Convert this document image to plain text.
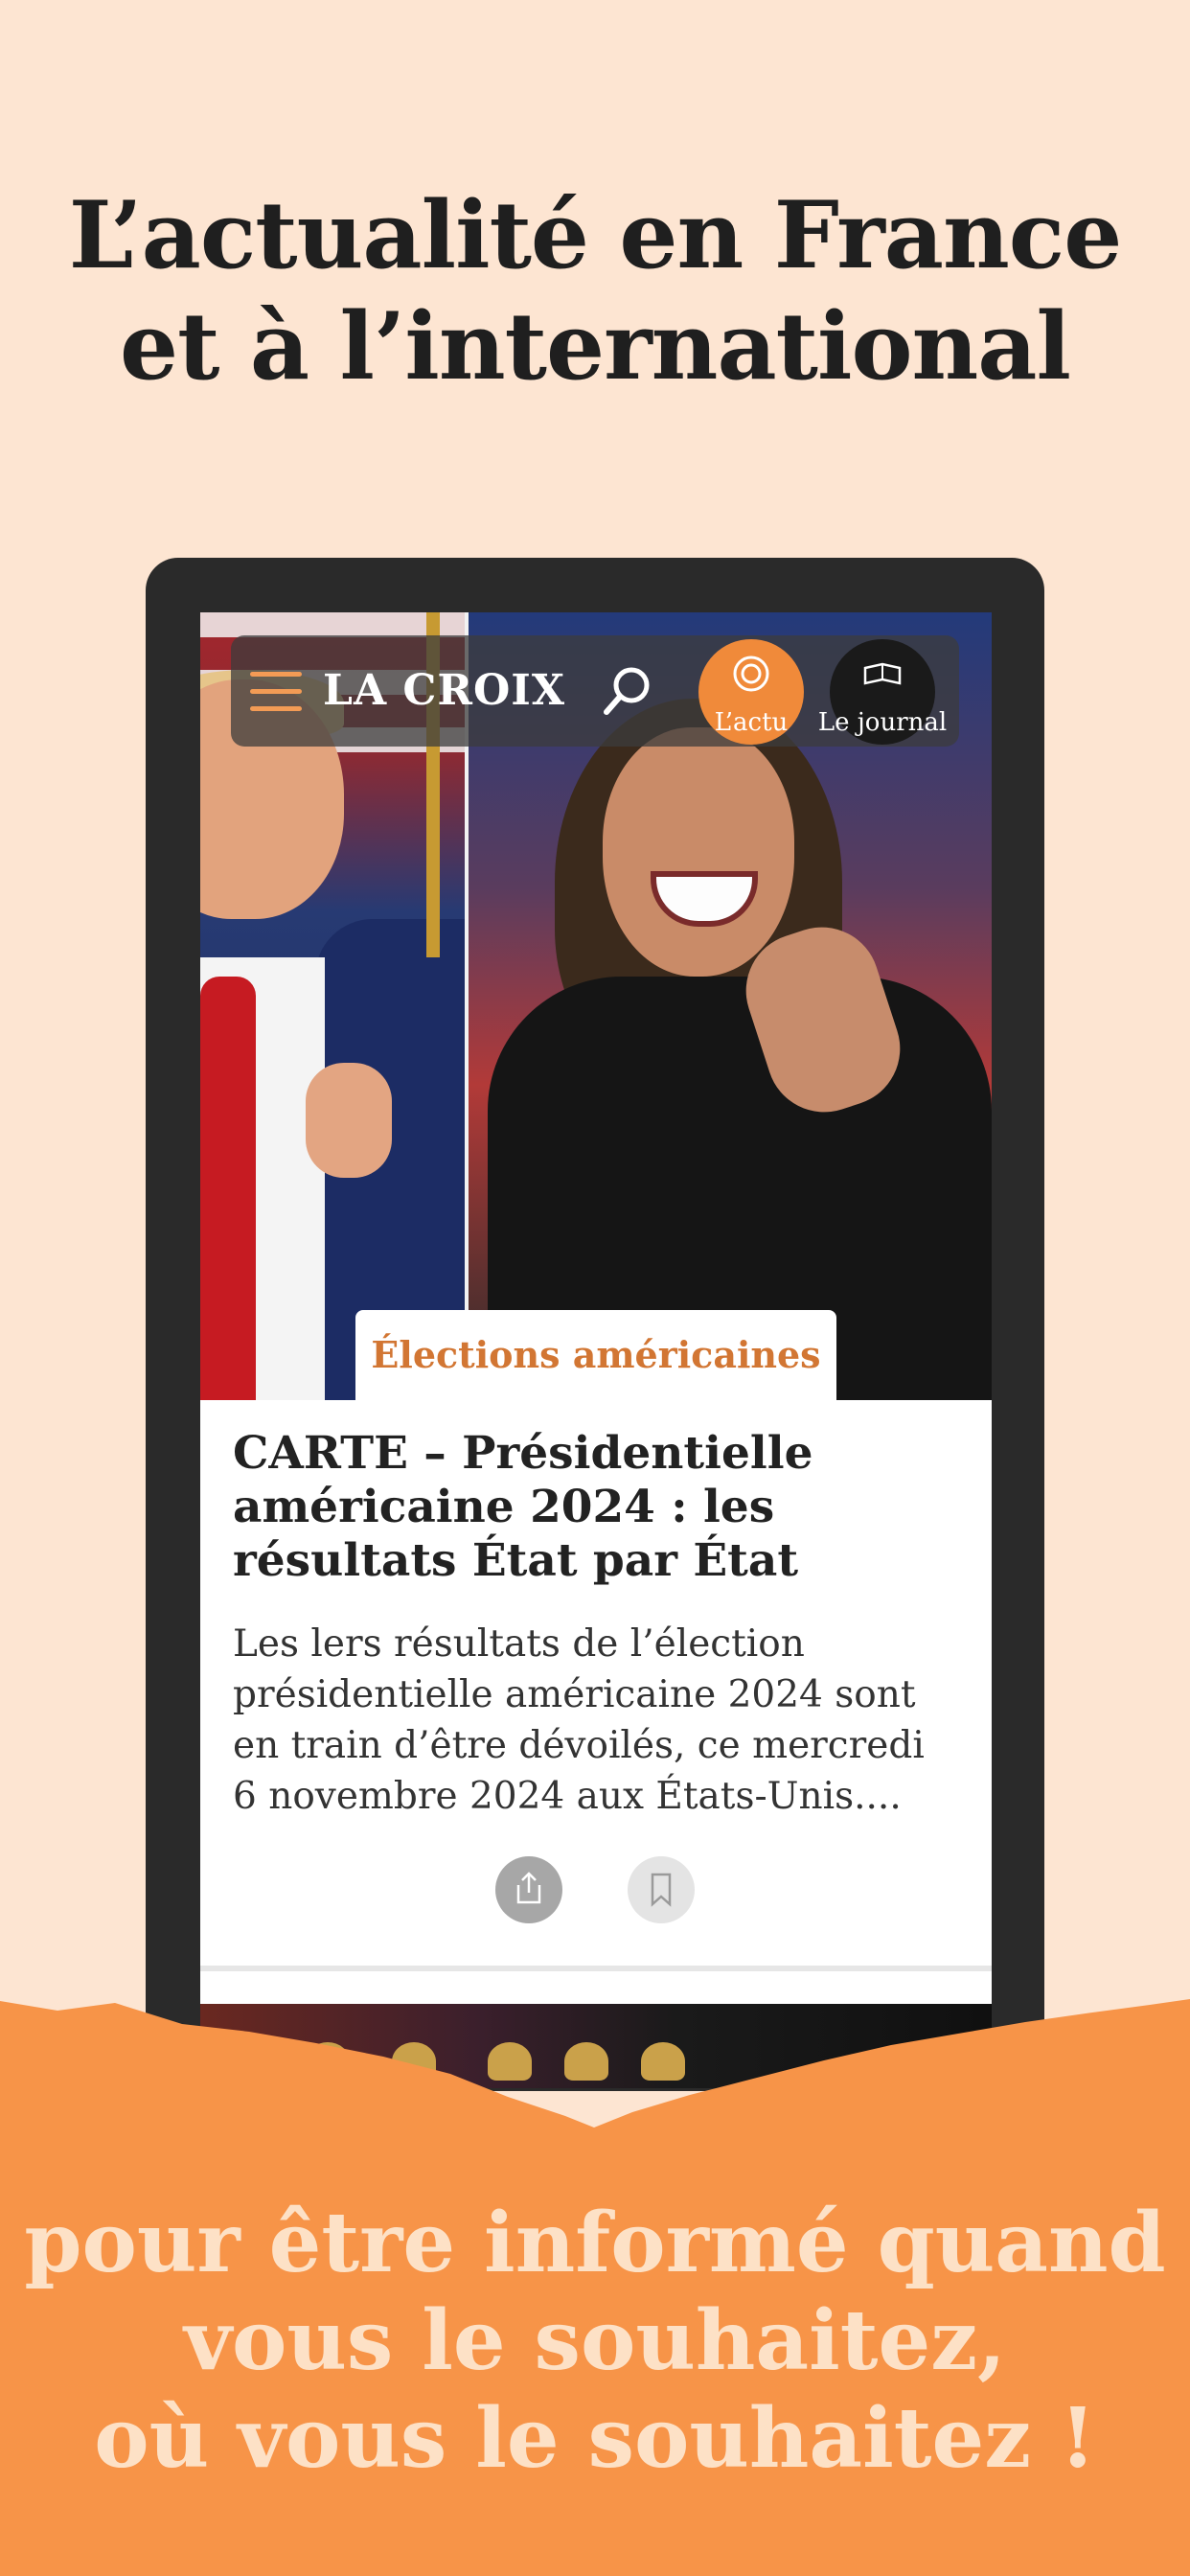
L’actualité en France
et à l’international
LA CROIX
L’actu	Le journal
Élections américaines
CARTE – Présidentielle
américaine 2024 : les
résultats État par État
Les lers résultats de l’élection
présidentielle américaine 2024 sont
en train d’être dévoilés, ce mercredi
6 novembre 2024 aux États-Unis....
pour être informé quand
vous le souhaitez,
où vous le souhaitez !
